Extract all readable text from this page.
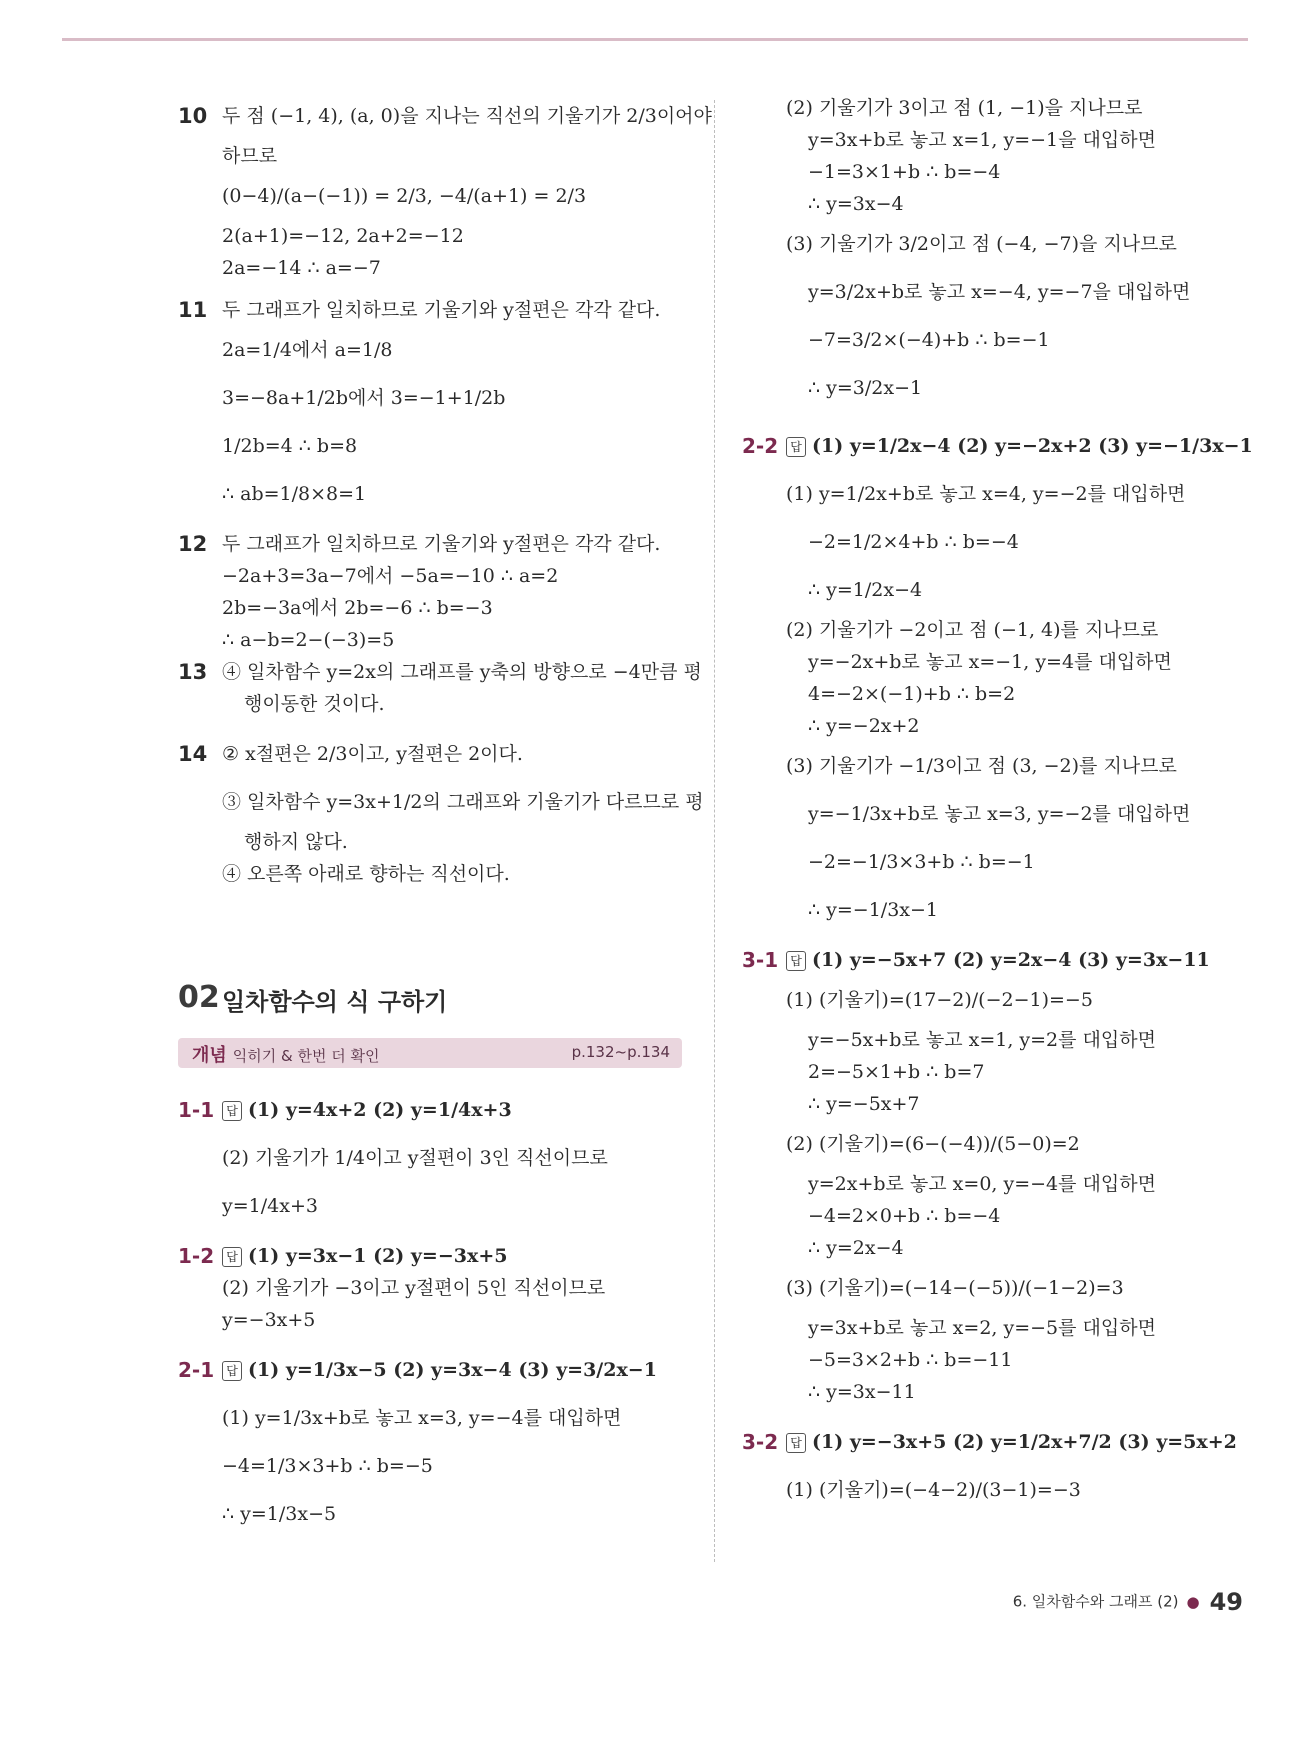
10 두 점 (−1, 4), (a, 0)을 지나는 직선의 기울기가 2/3이어야
하므로
(0−4)/(a−(−1)) = 2/3, −4/(a+1) = 2/3
2(a+1)=−12, 2a+2=−12
2a=−14 ∴ a=−7
11 두 그래프가 일치하므로 기울기와 y절편은 각각 같다.
2a=1/4에서 a=1/8
3=−8a+1/2b에서 3=−1+1/2b
1/2b=4 ∴ b=8
∴ ab=1/8×8=1
12 두 그래프가 일치하므로 기울기와 y절편은 각각 같다.
−2a+3=3a−7에서 −5a=−10 ∴ a=2
2b=−3a에서 2b=−6 ∴ b=−3
∴ a−b=2−(−3)=5
13 ④ 일차함수 y=2x의 그래프를 y축의 방향으로 −4만큼 평
행이동한 것이다.
14 ② x절편은 2/3이고, y절편은 2이다.
③ 일차함수 y=3x+1/2의 그래프와 기울기가 다르므로 평
행하지 않다.
④ 오른쪽 아래로 향하는 직선이다.
02 일차함수의 식 구하기
개념 익히기 & 한번 더 확인	p.132~p.134
1-1	답 (1) y=4x+2 (2) y=1/4x+3
(2) 기울기가 1/4이고 y절편이 3인 직선이므로
y=1/4x+3
1-2	답 (1) y=3x−1 (2) y=−3x+5
(2) 기울기가 −3이고 y절편이 5인 직선이므로
y=−3x+5
2-1	답 (1) y=1/3x−5 (2) y=3x−4 (3) y=3/2x−1
(1) y=1/3x+b로 놓고 x=3, y=−4를 대입하면
−4=1/3×3+b ∴ b=−5
∴ y=1/3x−5
(2) 기울기가 3이고 점 (1, −1)을 지나므로
y=3x+b로 놓고 x=1, y=−1을 대입하면
−1=3×1+b ∴ b=−4
∴ y=3x−4
(3) 기울기가 3/2이고 점 (−4, −7)을 지나므로
y=3/2x+b로 놓고 x=−4, y=−7을 대입하면
−7=3/2×(−4)+b ∴ b=−1
∴ y=3/2x−1
2-2	답 (1) y=1/2x−4 (2) y=−2x+2 (3) y=−1/3x−1
(1) y=1/2x+b로 놓고 x=4, y=−2를 대입하면
−2=1/2×4+b ∴ b=−4
∴ y=1/2x−4
(2) 기울기가 −2이고 점 (−1, 4)를 지나므로
y=−2x+b로 놓고 x=−1, y=4를 대입하면
4=−2×(−1)+b ∴ b=2
∴ y=−2x+2
(3) 기울기가 −1/3이고 점 (3, −2)를 지나므로
y=−1/3x+b로 놓고 x=3, y=−2를 대입하면
−2=−1/3×3+b ∴ b=−1
∴ y=−1/3x−1
3-1	답 (1) y=−5x+7 (2) y=2x−4 (3) y=3x−11
(1) (기울기)=(17−2)/(−2−1)=−5
y=−5x+b로 놓고 x=1, y=2를 대입하면
2=−5×1+b ∴ b=7
∴ y=−5x+7
(2) (기울기)=(6−(−4))/(5−0)=2
y=2x+b로 놓고 x=0, y=−4를 대입하면
−4=2×0+b ∴ b=−4
∴ y=2x−4
(3) (기울기)=(−14−(−5))/(−1−2)=3
y=3x+b로 놓고 x=2, y=−5를 대입하면
−5=3×2+b ∴ b=−11
∴ y=3x−11
3-2	답 (1) y=−3x+5 (2) y=1/2x+7/2 (3) y=5x+2
(1) (기울기)=(−4−2)/(3−1)=−3
6. 일차함수와 그래프 (2) ● 49
